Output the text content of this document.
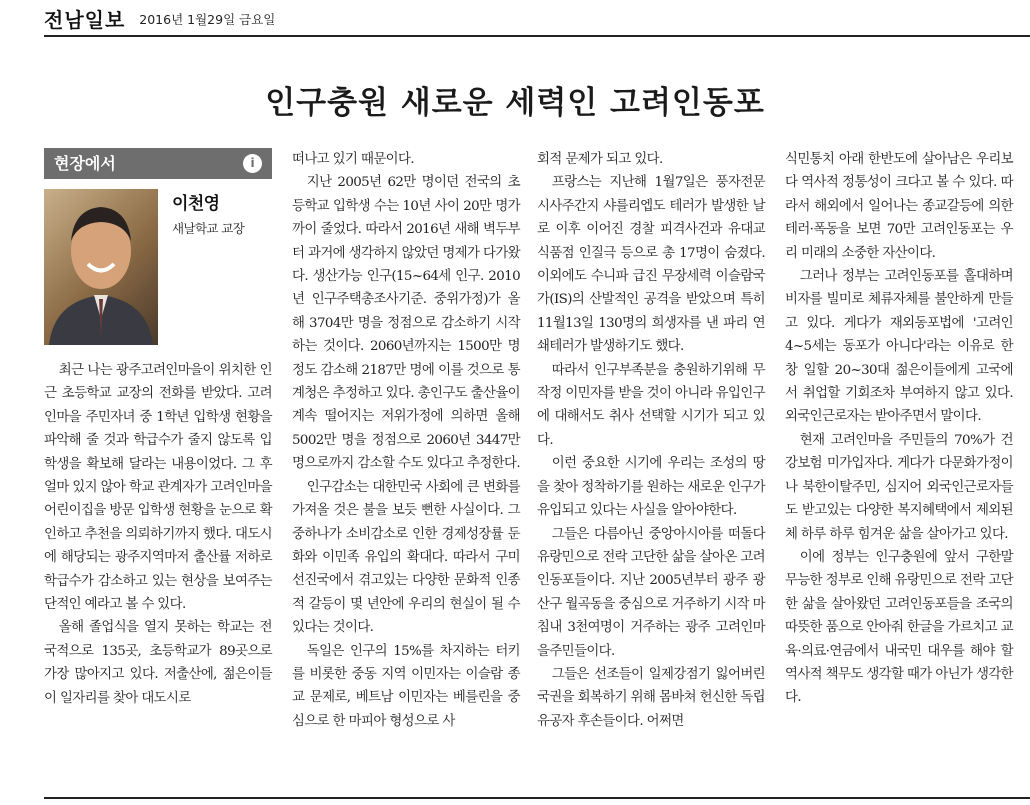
전남일보 2016년 1월29일 금요일
인구충원 새로운 세력인 고려인동포
현장에서	i
이천영
새날학교 교장

최근 나는 광주고려인마을이 위치한 인근 초등학교 교장의 전화를 받았다. 고려인마을 주민자녀 중 1학년 입학생 현황을 파악해 줄 것과 학급수가 줄지 않도록 입학생을 확보해 달라는 내용이었다. 그 후 얼마 있지 않아 학교 관계자가 고려인마을 어린이집을 방문 입학생 현황을 눈으로 확인하고 추천을 의뢰하기까지 했다. 대도시에 해당되는 광주지역마저 출산률 저하로 학급수가 감소하고 있는 현상을 보여주는 단적인 예라고 볼 수 있다.

올해 졸업식을 열지 못하는 학교는 전국적으로 135곳, 초등학교가 89곳으로 가장 많아지고 있다. 저출산에, 젊은이들이 일자리를 찾아 대도시로

떠나고 있기 때문이다.

지난 2005년 62만 명이던 전국의 초등학교 입학생 수는 10년 사이 20만 명가까이 줄었다. 따라서 2016년 새해 벽두부터 과거에 생각하지 않았던 명제가 다가왔다. 생산가능 인구(15~64세 인구. 2010년 인구주택총조사기준. 중위가정)가 올해 3704만 명을 정점으로 감소하기 시작하는 것이다. 2060년까지는 1500만 명 정도 감소해 2187만 명에 이를 것으로 통계청은 추정하고 있다. 총인구도 출산율이 계속 떨어지는 저위가정에 의하면 올해 5002만 명을 정점으로 2060년 3447만 명으로까지 감소할 수도 있다고 추정한다.

인구감소는 대한민국 사회에 큰 변화를 가져올 것은 불을 보듯 뻔한 사실이다. 그 중하나가 소비감소로 인한 경제성장률 둔화와 이민족 유입의 확대다. 따라서 구미 선진국에서 겪고있는 다양한 문화적 인종적 갈등이 몇 년안에 우리의 현실이 될 수 있다는 것이다.

독일은 인구의 15%를 차지하는 터키를 비롯한 중동 지역 이민자는 이슬람 종교 문제로, 베트남 이민자는 베를린을 중심으로 한 마피아 형성으로 사

회적 문제가 되고 있다.

프랑스는 지난해 1월7일은 풍자전문 시사주간지 샤를리엡도 테러가 발생한 날로 이후 이어진 경찰 피격사건과 유대교 식품점 인질극 등으로 총 17명이 숨졌다. 이외에도 수니파 급진 무장세력 이슬람국가(IS)의 산발적인 공격을 받았으며 특히 11월13일 130명의 희생자를 낸 파리 연쇄테러가 발생하기도 했다.

따라서 인구부족분을 충원하기위해 무작정 이민자를 받을 것이 아니라 유입인구에 대해서도 취사 선택할 시기가 되고 있다.

이런 중요한 시기에 우리는 조성의 땅을 찾아 정착하기를 원하는 새로운 인구가 유입되고 있다는 사실을 알아야한다.

그들은 다름아닌 중앙아시아를 떠돌다 유랑민으로 전락 고단한 삶을 살아온 고려인동포들이다. 지난 2005년부터 광주 광산구 월곡동을 중심으로 거주하기 시작 마침내 3천여명이 거주하는 광주 고려인마을주민들이다.

그들은 선조들이 일제강점기 잃어버린 국권을 회복하기 위해 몸바쳐 헌신한 독립유공자 후손들이다. 어쩌면

식민통치 아래 한반도에 살아남은 우리보다 역사적 정통성이 크다고 볼 수 있다. 따라서 해외에서 일어나는 종교갈등에 의한 테러·폭동을 보면 70만 고려인동포는 우리 미래의 소중한 자산이다.

그러나 정부는 고려인동포를 홀대하며 비자를 빌미로 체류자체를 불안하게 만들고 있다. 게다가 재외동포법에 '고려인 4~5세는 동포가 아니다'라는 이유로 한창 일할 20~30대 젊은이들에게 고국에서 취업할 기회조차 부여하지 않고 있다. 외국인근로자는 받아주면서 말이다.

현재 고려인마을 주민들의 70%가 건강보험 미가입자다. 게다가 다문화가정이나 북한이탈주민, 심지어 외국인근로자들도 받고있는 다양한 복지혜택에서 제외된 체 하루 하루 힘겨운 삶을 살아가고 있다.

이에 정부는 인구충원에 앞서 구한말 무능한 정부로 인해 유랑민으로 전락 고단한 삶을 살아왔던 고려인동포들을 조국의 따뜻한 품으로 안아줘 한글을 가르치고 교육·의료·연금에서 내국민 대우를 해야 할 역사적 책무도 생각할 때가 아닌가 생각한다.
